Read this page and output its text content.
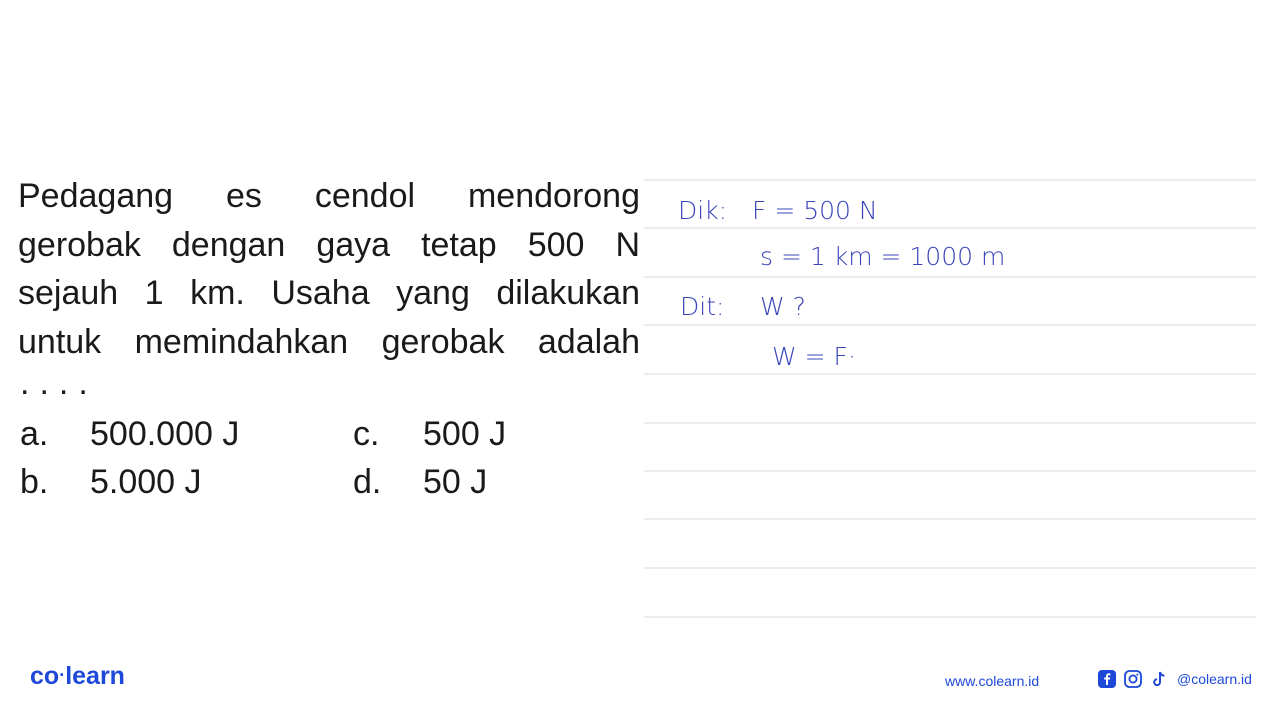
Pedagang es cendol mendorong

gerobak dengan gaya tetap 500 N

sejauh 1 km. Usaha yang dilakukan

untuk memindahkan gerobak adalah

....
a. 500.000 J
b. 5.000 J
c. 500 J
d. 50 J
Dik: F = 500 N
s = 1 km = 1000 m
Dit: W ?
W = F·
co·learn	www.colearn.id	@colearn.id
